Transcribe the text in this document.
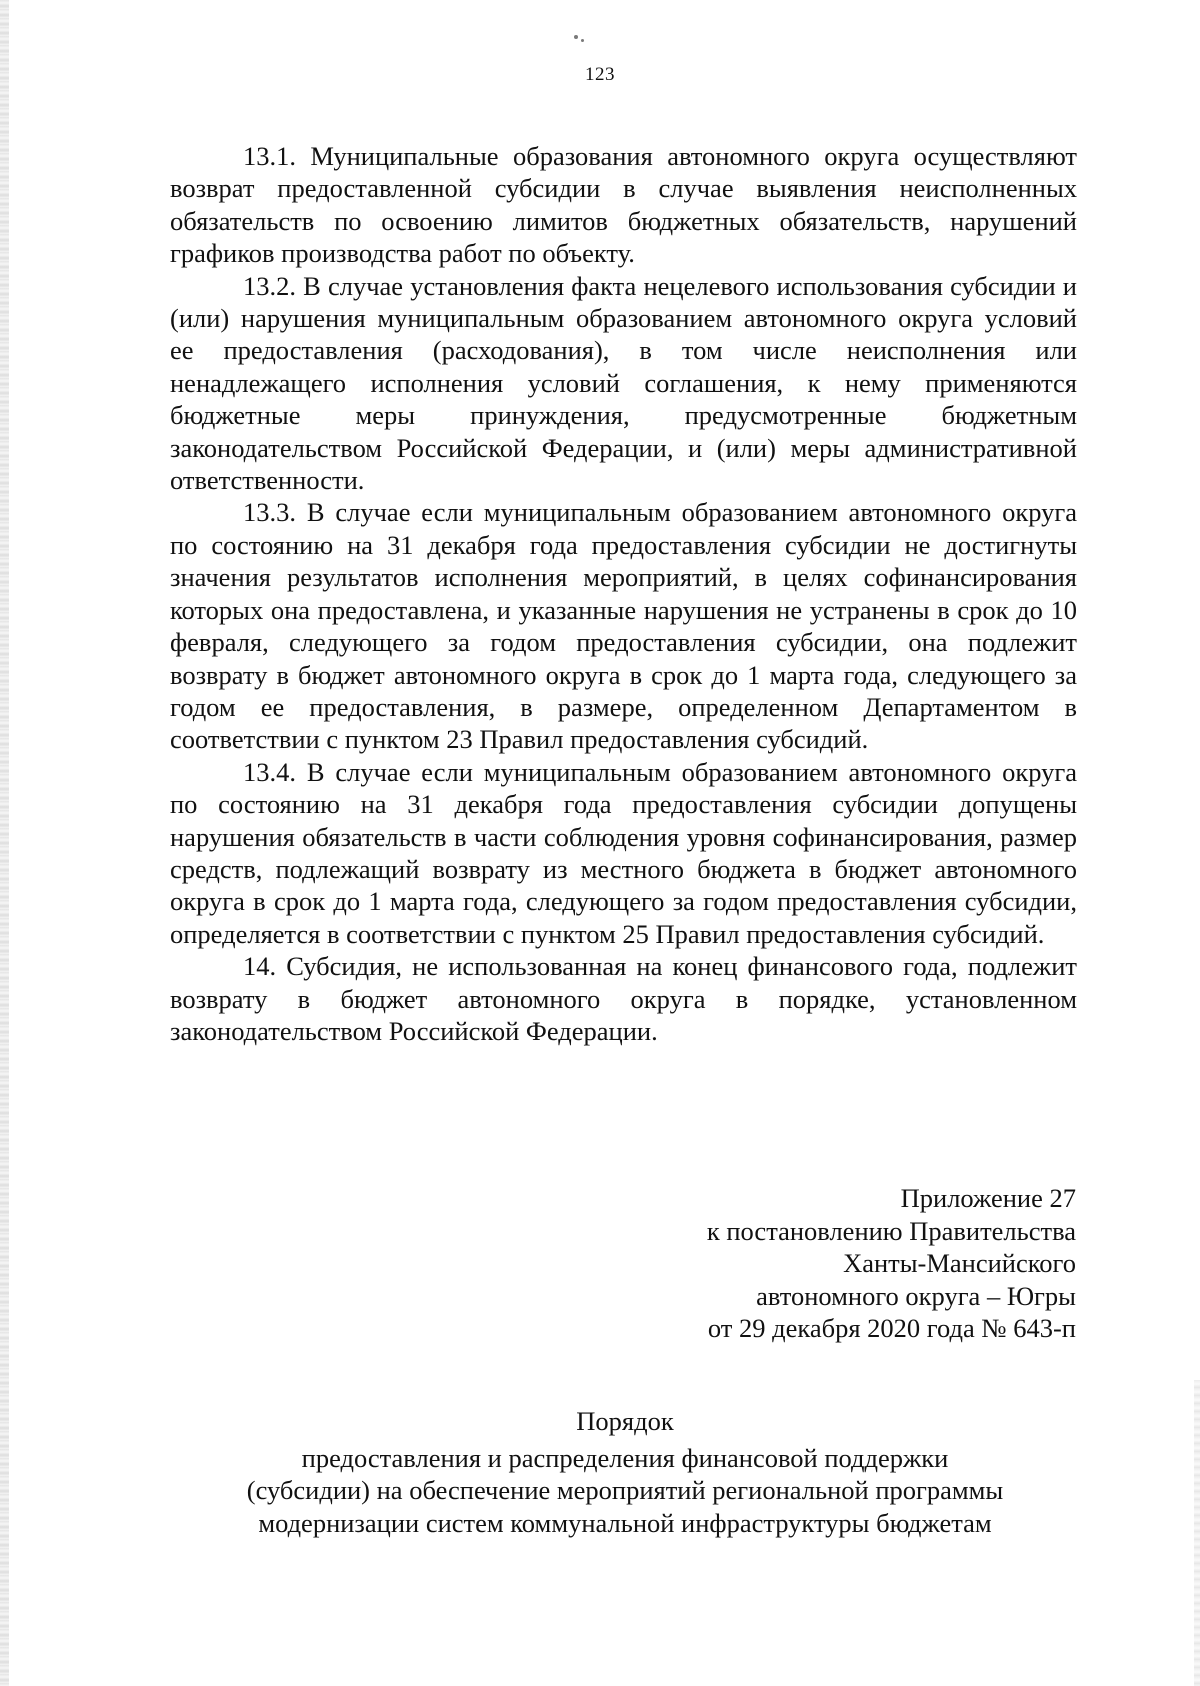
123

13.1. Муниципальные образования автономного округа осуществляют возврат предоставленной субсидии в случае выявления неисполненных обязательств по освоению лимитов бюджетных обязательств, нарушений графиков производства работ по объекту.

13.2. В случае установления факта нецелевого использования субсидии и (или) нарушения муниципальным образованием автономного округа условий ее предоставления (расходования), в том числе неисполнения или ненадлежащего исполнения условий соглашения, к нему применяются бюджетные меры принуждения, предусмотренные бюджетным законодательством Российской Федерации, и (или) меры административной ответственности.

13.3. В случае если муниципальным образованием автономного округа по состоянию на 31 декабря года предоставления субсидии не достигнуты значения результатов исполнения мероприятий, в целях софинансирования которых она предоставлена, и указанные нарушения не устранены в срок до 10 февраля, следующего за годом предоставления субсидии, она подлежит возврату в бюджет автономного округа в срок до 1 марта года, следующего за годом ее предоставления, в размере, определенном Департаментом в соответствии с пунктом 23 Правил предоставления субсидий.

13.4. В случае если муниципальным образованием автономного округа по состоянию на 31 декабря года предоставления субсидии допущены нарушения обязательств в части соблюдения уровня софинансирования, размер средств, подлежащий возврату из местного бюджета в бюджет автономного округа в срок до 1 марта года, следующего за годом предоставления субсидии, определяется в соответствии с пунктом 25 Правил предоставления субсидий.

14. Субсидия, не использованная на конец финансового года, подлежит возврату в бюджет автономного округа в порядке, установленном законодательством Российской Федерации.

Приложение 27
к постановлению Правительства
Ханты-Мансийского
автономного округа – Югры
от 29 декабря 2020 года № 643-п
Порядок
предоставления и распределения финансовой поддержки
(субсидии) на обеспечение мероприятий региональной программы
модернизации систем коммунальной инфраструктуры бюджетам
